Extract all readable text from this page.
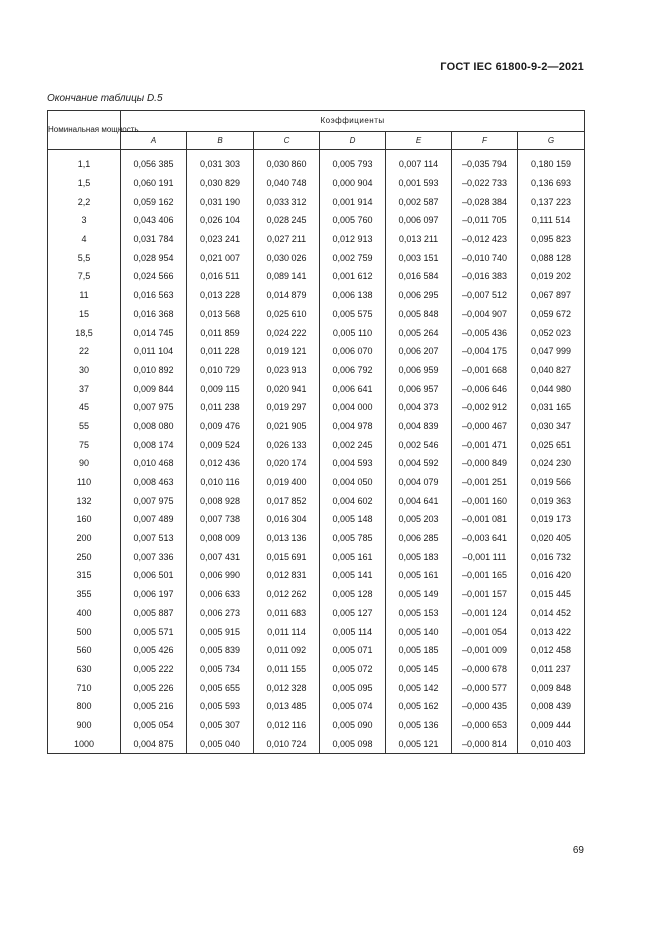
ГОСТ IEC 61800-9-2—2021
Окончание таблицы D.5
Номинальная мощность	Коэффициенты						
	A	B	C	D	E	F	G

1,1	0,056 385	0,031 303	0,030 860	0,005 793	0,007 114	–0,035 794	0,180 159
1,5	0,060 191	0,030 829	0,040 748	0,000 904	0,001 593	–0,022 733	0,136 693
2,2	0,059 162	0,031 190	0,033 312	0,001 914	0,002 587	–0,028 384	0,137 223
3	0,043 406	0,026 104	0,028 245	0,005 760	0,006 097	–0,011 705	0,111 514
4	0,031 784	0,023 241	0,027 211	0,012 913	0,013 211	–0,012 423	0,095 823
5,5	0,028 954	0,021 007	0,030 026	0,002 759	0,003 151	–0,010 740	0,088 128
7,5	0,024 566	0,016 511	0,089 141	0,001 612	0,016 584	–0,016 383	0,019 202
11	0,016 563	0,013 228	0,014 879	0,006 138	0,006 295	–0,007 512	0,067 897
15	0,016 368	0,013 568	0,025 610	0,005 575	0,005 848	–0,004 907	0,059 672
18,5	0,014 745	0,011 859	0,024 222	0,005 110	0,005 264	–0,005 436	0,052 023
22	0,011 104	0,011 228	0,019 121	0,006 070	0,006 207	–0,004 175	0,047 999
30	0,010 892	0,010 729	0,023 913	0,006 792	0,006 959	–0,001 668	0,040 827
37	0,009 844	0,009 115	0,020 941	0,006 641	0,006 957	–0,006 646	0,044 980
45	0,007 975	0,011 238	0,019 297	0,004 000	0,004 373	–0,002 912	0,031 165
55	0,008 080	0,009 476	0,021 905	0,004 978	0,004 839	–0,000 467	0,030 347
75	0,008 174	0,009 524	0,026 133	0,002 245	0,002 546	–0,001 471	0,025 651
90	0,010 468	0,012 436	0,020 174	0,004 593	0,004 592	–0,000 849	0,024 230
110	0,008 463	0,010 116	0,019 400	0,004 050	0,004 079	–0,001 251	0,019 566
132	0,007 975	0,008 928	0,017 852	0,004 602	0,004 641	–0,001 160	0,019 363
160	0,007 489	0,007 738	0,016 304	0,005 148	0,005 203	–0,001 081	0,019 173
200	0,007 513	0,008 009	0,013 136	0,005 785	0,006 285	–0,003 641	0,020 405
250	0,007 336	0,007 431	0,015 691	0,005 161	0,005 183	–0,001 111	0,016 732
315	0,006 501	0,006 990	0,012 831	0,005 141	0,005 161	–0,001 165	0,016 420
355	0,006 197	0,006 633	0,012 262	0,005 128	0,005 149	–0,001 157	0,015 445
400	0,005 887	0,006 273	0,011 683	0,005 127	0,005 153	–0,001 124	0,014 452
500	0,005 571	0,005 915	0,011 114	0,005 114	0,005 140	–0,001 054	0,013 422
560	0,005 426	0,005 839	0,011 092	0,005 071	0,005 185	–0,001 009	0,012 458
630	0,005 222	0,005 734	0,011 155	0,005 072	0,005 145	–0,000 678	0,011 237
710	0,005 226	0,005 655	0,012 328	0,005 095	0,005 142	–0,000 577	0,009 848
800	0,005 216	0,005 593	0,013 485	0,005 074	0,005 162	–0,000 435	0,008 439
900	0,005 054	0,005 307	0,012 116	0,005 090	0,005 136	–0,000 653	0,009 444
1000	0,004 875	0,005 040	0,010 724	0,005 098	0,005 121	–0,000 814	0,010 403
69
